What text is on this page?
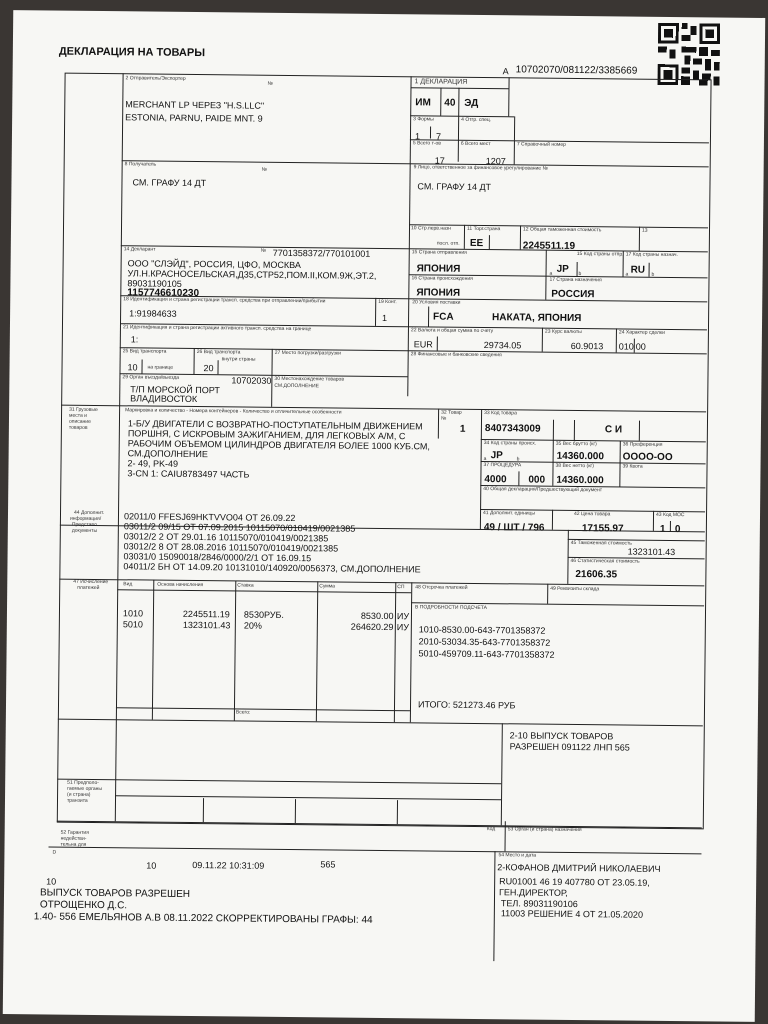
ДЕКЛАРАЦИЯ НА ТОВАРЫ
А 10702070/081122/3385669
2 Отправитель/Экспортер
№
MERCHANT LP ЧЕРЕЗ "H.S.LLC"
ESTONIA, PARNU, PAIDE MNT. 9
1 ДЕКЛАРАЦИЯ
ИМ 40 ЭД
3 Формы
1 7
4 Отгр. спец.
5 Всего т-ов
17
6 Всего мест
1207
7 Справочный номер
8 Получатель
№
СМ. ГРАФУ 14 ДТ
9 Лицо, ответственное за финансовое урегулирование №
СМ. ГРАФУ 14 ДТ
10 Стр.перв.назн
посл. отп.
11 Торг.страна
EE
12 Общая таможенная стоимость
2245511.19
13
14 Декларант	№ 7701358372/770101001
ООО "СЛЭЙД", РОССИЯ, ЦФО, МОСКВА
УЛ.Н.КРАСНОСЕЛЬСКАЯ,Д35,СТР52,ПОМ.II,КОМ.9Ж,ЭТ.2,
89031190105
1157746610230
15 Страна отправления
ЯПОНИЯ
15 Код страны отпр.
а JP b
17 Код страны назнач.
а RU b
16 Страна происхождения
ЯПОНИЯ
17 Страна назначения
РОССИЯ
18 Идентификация и страна регистрации трансп. средства при отправлении/прибытии
1:91984633
19 Конт.
1
20 Условия поставки
FCA	НАКАТА, ЯПОНИЯ
21 Идентификация и страна регистрации активного трансп. средства на границе
1:
22 Валюта и общая сумма по счету
EUR	29734.05
23 Курс валюты
60.9013
24 Характер сделки
010 00
25 Вид транспорта
10 на границе
26 Вид транспорта
внутри страны
20
27 Место погрузки/разгрузки	28 Финансовые и банковские сведения
29 Орган въезда/выезда	10702030
Т/П МОРСКОЙ ПОРТ
ВЛАДИВОСТОК
30 Местонахождение товаров
СМ.ДОПОЛНЕНИЕ
31 Грузовые
места и
описание
товаров
Маркировка и количество - Номера контейнеров - Количество и отличительные особенности
1-Б/У ДВИГАТЕЛИ С ВОЗВРАТНО-ПОСТУПАТЕЛЬНЫМ ДВИЖЕНИЕМ
ПОРШНЯ, С ИСКРОВЫМ ЗАЖИГАНИЕМ, ДЛЯ ЛЕГКОВЫХ А/М, С
РАБОЧИМ ОБЪЕМОМ ЦИЛИНДРОВ ДВИГАТЕЛЯ БОЛЕЕ 1000 КУБ.СМ,
СМ.ДОПОЛНЕНИЕ
2- 49, PK-49
3-CN 1: CAIU8783497 ЧАСТЬ
32 Товар
№
1
33 Код товара
8407343009	С И
34 Код страны происх.
а JP	b
35 Вес брутто (кг)
14360.000
36 Преференция
ОООО-ОО
37 ПРОЦЕДУРА
4000 000
38 Вес нетто (кг)
14360.000
39 Квота
40 Общая декларация/Предшествующий документ
41 Дополнит. единицы
49 / ШТ / 796
42 Цена товара
17155.97
43 Код МОС
1 0
44 Дополнит.
информация/
Представл.
документы
02011/0 FFESJ69HKTVVO04 ОТ 26.09.22
03011/2 09/15 ОТ 07.09.2015 10115070/010419/0021385
03012/2 2 ОТ 29.01.16 10115070/010419/0021385
03012/2 8 ОТ 28.08.2016 10115070/010419/0021385
03031/0 15090018/2846/0000/2/1 ОТ 16.09.15
04011/2 БН ОТ 14.09.20 10131010/140920/0056373, СМ.ДОПОЛНЕНИЕ
45 Таможенная стоимость
1323101.43
46 Статистическая стоимость
21606.35
47 Исчисление
платежей
Вид	Основа начисления	Ставка	Сумма	СП
1010	2245511.19 8530РУБ.	8530.00 ИУ
5010	1323101.43 20%	264620.29 ИУ
Всего:
48 Отсрочка платежей	49 Реквизиты склада
В ПОДРОБНОСТИ ПОДСЧЕТА
1010-8530.00-643-7701358372
2010-53034.35-643-7701358372
5010-459709.11-643-7701358372
ИТОГО: 521273.46 РУБ
2-10 ВЫПУСК ТОВАРОВ
РАЗРЕШЕН 091122 ЛНП 565
51 Предполо-
гаемые органы
(и страна)
транзита
52 Гарантия
недействи-
тельна для
Код 53 Орган (и страна) назначения
D
10	09.11.22 10:31:09	565
54 Место и дата
2-КОФАНОВ ДМИТРИЙ НИКОЛАЕВИЧ
RU01001 46 19 407780 ОТ 23.05.19,
ГЕН.ДИРЕКТОР,
ТЕЛ. 89031190106
11003 РЕШЕНИЕ 4 ОТ 21.05.2020
10
ВЫПУСК ТОВАРОВ РАЗРЕШЕН
ОТРОЩЕНКО Д.С.
1.40- 556 ЕМЕЛЬЯНОВ А.В 08.11.2022 СКОРРЕКТИРОВАНЫ ГРАФЫ: 44
